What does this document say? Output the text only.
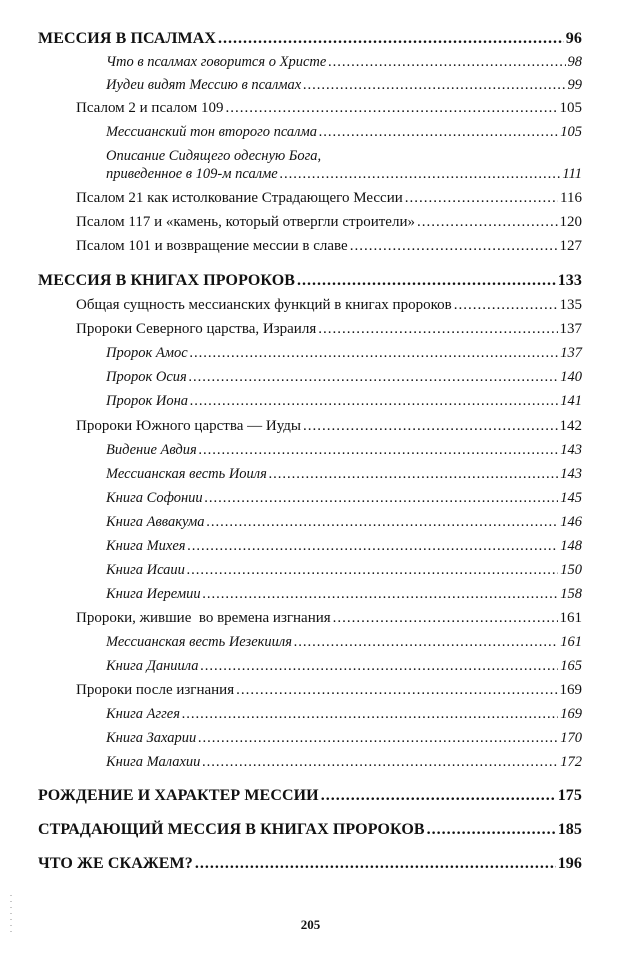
МЕССИЯ В ПСАЛМАХ .....	96
Что в псалмах говорится о Христе .....	98
Иудеи видят Мессию в псалмах .....	99
Псалом 2 и псалом 109 .....	105
Мессианский тон второго псалма .....	105
Описание Сидящего одесную Бога,
приведенное в 109-м псалме .....	111
Псалом 21 как истолкование Страдающего Мессии .....	116
Псалом 117 и «камень, который отвергли строители» .....	120
Псалом 101 и возвращение мессии в славе .....	127
МЕССИЯ В КНИГАХ ПРОРОКОВ .....	133
Общая сущность мессианских функций в книгах пророков .....	135
Пророки Северного царства, Израиля .....	137
Пророк Амос .....	137
Пророк Осия .....	140
Пророк Иона .....	141
Пророки Южного царства — Иуды .....	142
Видение Авдия .....	143
Мессианская весть Иоиля .....	143
Книга Софонии .....	145
Книга Аввакума .....	146
Книга Михея .....	148
Книга Исаии .....	150
Книга Иеремии .....	158
Пророки, жившие  во времена изгнания .....	161
Мессианская весть Иезекииля .....	161
Книга Даниила .....	165
Пророки после изгнания .....	169
Книга Аггея .....	169
Книга Захарии .....	170
Книга Малахии .....	172
РОЖДЕНИЕ И ХАРАКТЕР МЕССИИ .....	175
СТРАДАЮЩИЙ МЕССИЯ В КНИГАХ ПРОРОКОВ .....	185
ЧТО ЖЕ СКАЖЕМ? .....	196
205
